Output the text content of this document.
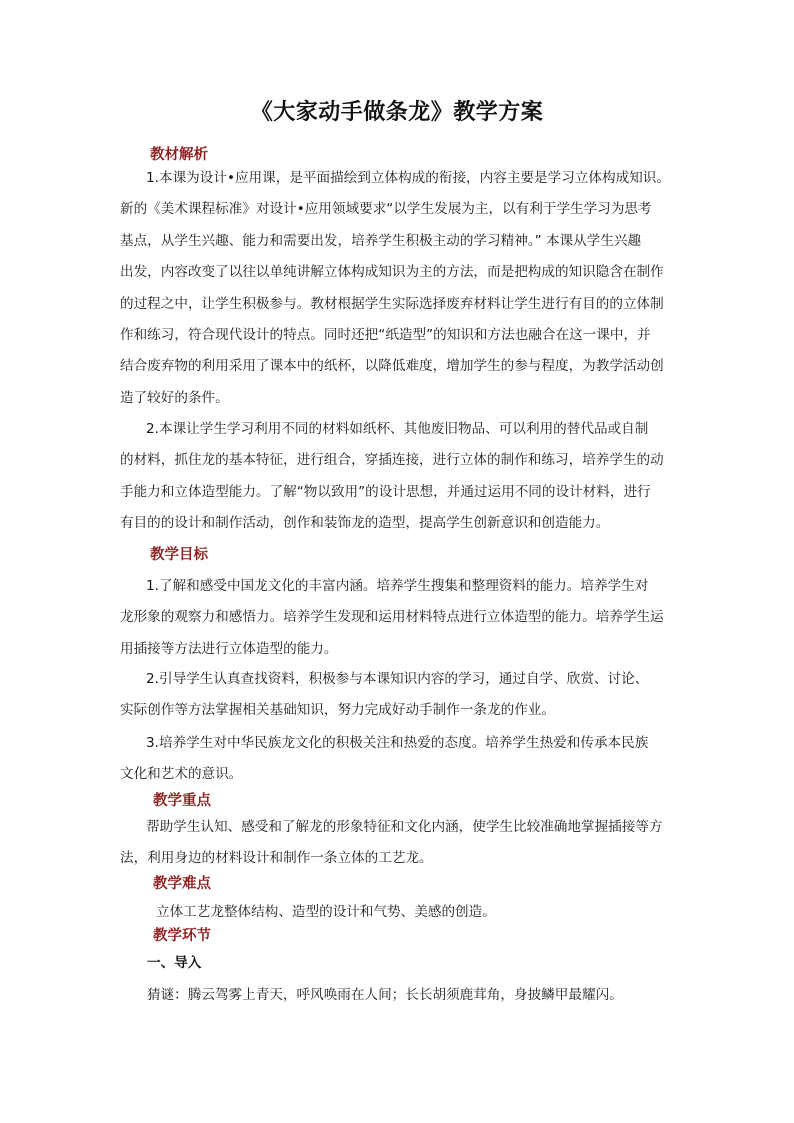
《大家动手做条龙》教学方案
教材解析
1.本课为设计•应用课，是平面描绘到立体构成的衔接，内容主要是学习立体构成知识。
新的《美术课程标准》对设计•应用领域要求“以学生发展为主，以有利于学生学习为思考
基点，从学生兴趣、能力和需要出发，培养学生积极主动的学习精神。” 本课从学生兴趣
出发，内容改变了以往以单纯讲解立体构成知识为主的方法，而是把构成的知识隐含在制作
的过程之中，让学生积极参与。教材根据学生实际选择废弃材料让学生进行有目的的立体制
作和练习，符合现代设计的特点。同时还把“纸造型”的知识和方法也融合在这一课中，并
结合废弃物的利用采用了课本中的纸杯，以降低难度，增加学生的参与程度，为教学活动创
造了较好的条件。
2.本课让学生学习利用不同的材料如纸杯、其他废旧物品、可以利用的替代品或自制
的材料，抓住龙的基本特征，进行组合，穿插连接，进行立体的制作和练习，培养学生的动
手能力和立体造型能力。了解“物以致用”的设计思想，并通过运用不同的设计材料，进行
有目的的设计和制作活动，创作和装饰龙的造型，提高学生创新意识和创造能力。
教学目标
1.了解和感受中国龙文化的丰富内涵。培养学生搜集和整理资料的能力。培养学生对
龙形象的观察力和感悟力。培养学生发现和运用材料特点进行立体造型的能力。培养学生运
用插接等方法进行立体造型的能力。
2.引导学生认真查找资料，积极参与本课知识内容的学习，通过自学、欣赏、讨论、
实际创作等方法掌握相关基础知识，努力完成好动手制作一条龙的作业。
3.培养学生对中华民族龙文化的积极关注和热爱的态度。培养学生热爱和传承本民族
文化和艺术的意识。
教学重点
帮助学生认知、感受和了解龙的形象特征和文化内涵，使学生比较准确地掌握插接等方
法，利用身边的材料设计和制作一条立体的工艺龙。
教学难点
立体工艺龙整体结构、造型的设计和气势、美感的创造。
教学环节
一、导入
猜谜：腾云驾雾上青天，呼风唤雨在人间；长长胡须鹿茸角，身披鳞甲最耀闪。
